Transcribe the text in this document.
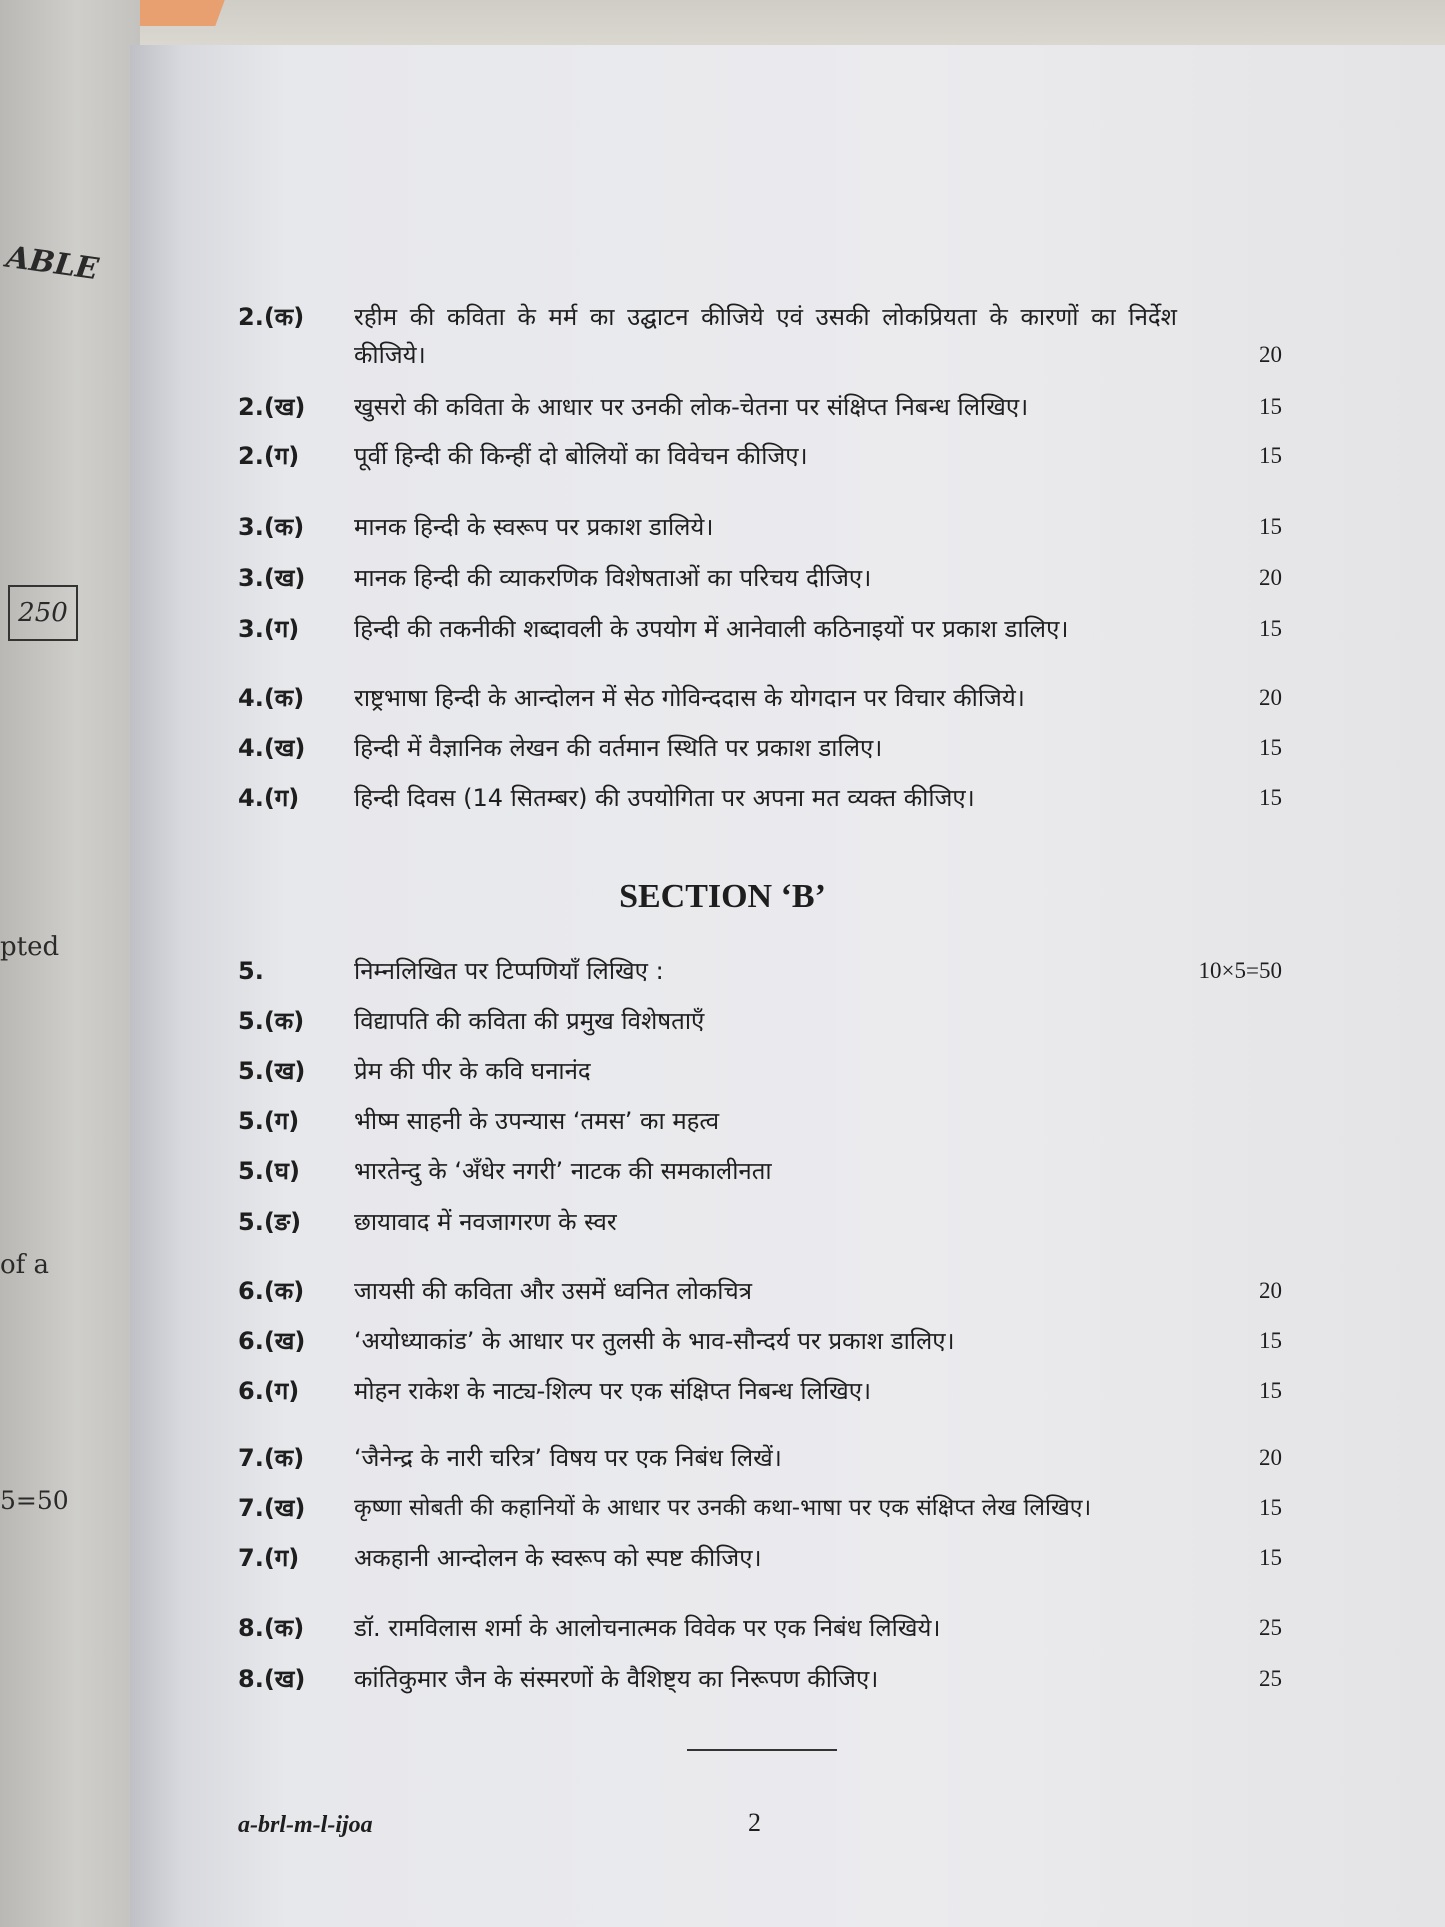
ABLE
250
pted
of a
5=50
2.(क)	रहीम की कविता के मर्म का उद्घाटन कीजिये एवं उसकी लोकप्रियता के कारणों का निर्देश कीजिये।	20
2.(ख)	खुसरो की कविता के आधार पर उनकी लोक-चेतना पर संक्षिप्त निबन्ध लिखिए।	15
2.(ग)	पूर्वी हिन्दी की किन्हीं दो बोलियों का विवेचन कीजिए।	15
3.(क)	मानक हिन्दी के स्वरूप पर प्रकाश डालिये।	15
3.(ख)	मानक हिन्दी की व्याकरणिक विशेषताओं का परिचय दीजिए।	20
3.(ग)	हिन्दी की तकनीकी शब्दावली के उपयोग में आनेवाली कठिनाइयों पर प्रकाश डालिए।	15
4.(क)	राष्ट्रभाषा हिन्दी के आन्दोलन में सेठ गोविन्ददास के योगदान पर विचार कीजिये।	20
4.(ख)	हिन्दी में वैज्ञानिक लेखन की वर्तमान स्थिति पर प्रकाश डालिए।	15
4.(ग)	हिन्दी दिवस (14 सितम्बर) की उपयोगिता पर अपना मत व्यक्त कीजिए।	15
SECTION ‘B’
5.	निम्नलिखित पर टिप्पणियाँ लिखिए :	10×5=50
5.(क)	विद्यापति की कविता की प्रमुख विशेषताएँ
5.(ख)	प्रेम की पीर के कवि घनानंद
5.(ग)	भीष्म साहनी के उपन्यास ‘तमस’ का महत्व
5.(घ)	भारतेन्दु के ‘अँधेर नगरी’ नाटक की समकालीनता
5.(ङ)	छायावाद में नवजागरण के स्वर
6.(क)	जायसी की कविता और उसमें ध्वनित लोकचित्र	20
6.(ख)	‘अयोध्याकांड’ के आधार पर तुलसी के भाव-सौन्दर्य पर प्रकाश डालिए।	15
6.(ग)	मोहन राकेश के नाट्य-शिल्प पर एक संक्षिप्त निबन्ध लिखिए।	15
7.(क)	‘जैनेन्द्र के नारी चरित्र’ विषय पर एक निबंध लिखें।	20
7.(ख)	कृष्णा सोबती की कहानियों के आधार पर उनकी कथा-भाषा पर एक संक्षिप्त लेख लिखिए।	15
7.(ग)	अकहानी आन्दोलन के स्वरूप को स्पष्ट कीजिए।	15
8.(क)	डॉ. रामविलास शर्मा के आलोचनात्मक विवेक पर एक निबंध लिखिये।	25
8.(ख)	कांतिकुमार जैन के संस्मरणों के वैशिष्ट्य का निरूपण कीजिए।	25
a-brl-m-l-ijoa	2
